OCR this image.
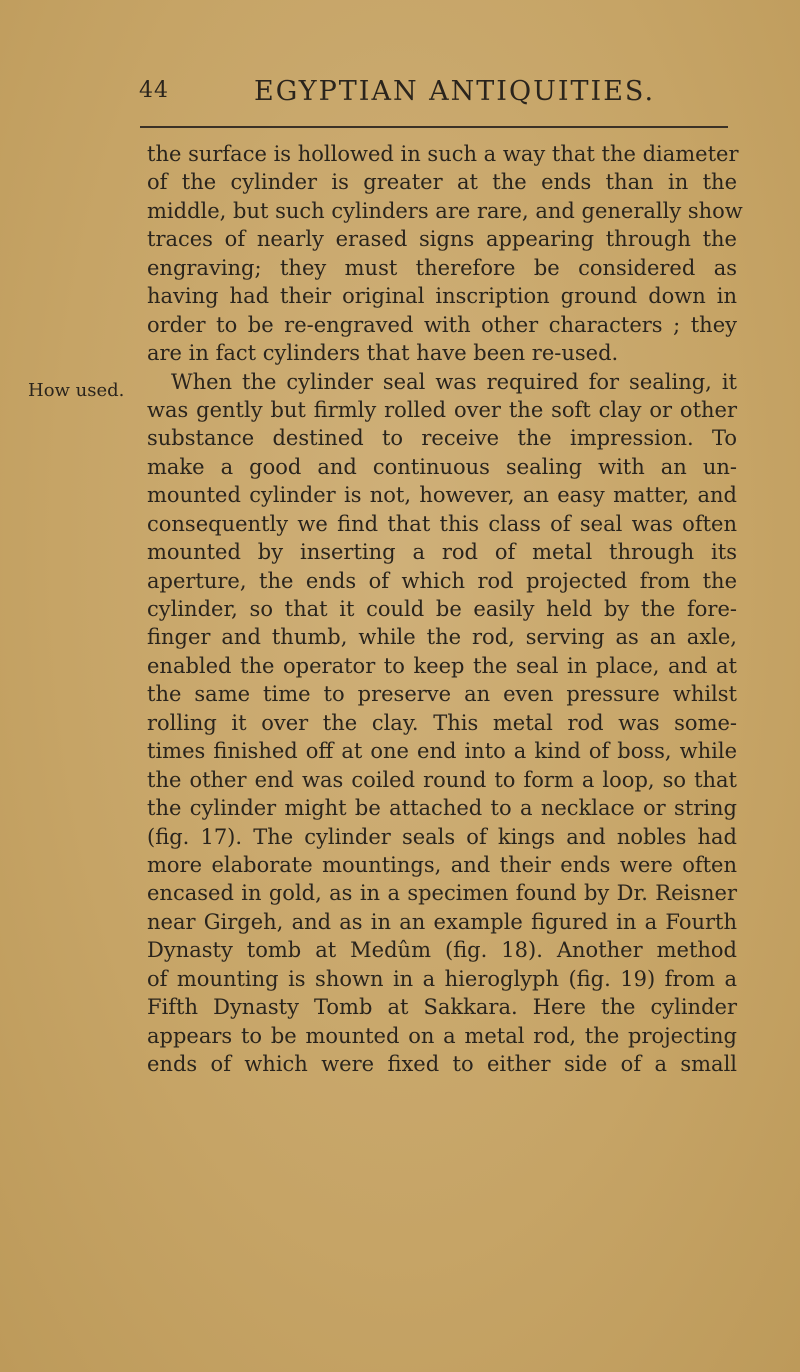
44	EGYPTIAN ANTIQUITIES.
How used.
the surface is hollowed in such a way that the diameter
of the cylinder is greater at the ends than in the
middle, but such cylinders are rare, and generally show
traces of nearly erased signs appearing through the
engraving; they must therefore be considered as
having had their original inscription ground down in
order to be re-engraved with other characters ; they
are in fact cylinders that have been re-used.
When the cylinder seal was required for sealing, it
was gently but firmly rolled over the soft clay or other
substance destined to receive the impression. To
make a good and continuous sealing with an un-
mounted cylinder is not, however, an easy matter, and
consequently we find that this class of seal was often
mounted by inserting a rod of metal through its
aperture, the ends of which rod projected from the
cylinder, so that it could be easily held by the fore-
finger and thumb, while the rod, serving as an axle,
enabled the operator to keep the seal in place, and at
the same time to preserve an even pressure whilst
rolling it over the clay. This metal rod was some-
times finished off at one end into a kind of boss, while
the other end was coiled round to form a loop, so that
the cylinder might be attached to a necklace or string
(fig. 17). The cylinder seals of kings and nobles had
more elaborate mountings, and their ends were often
encased in gold, as in a specimen found by Dr. Reisner
near Girgeh, and as in an example figured in a Fourth
Dynasty tomb at Medûm (fig. 18). Another method
of mounting is shown in a hieroglyph (fig. 19) from a
Fifth Dynasty Tomb at Sakkara. Here the cylinder
appears to be mounted on a metal rod, the projecting
ends of which were fixed to either side of a small
